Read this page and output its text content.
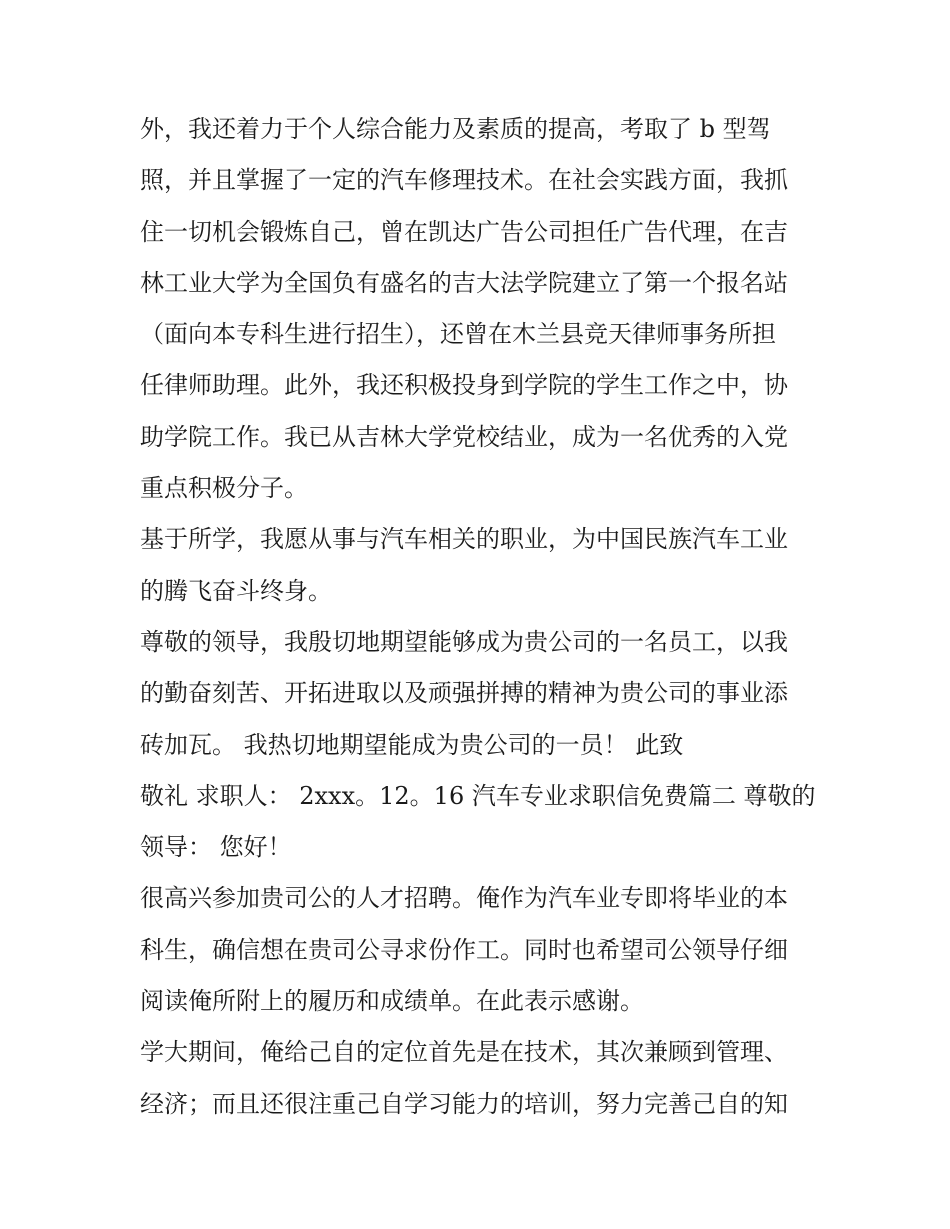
外，我还着力于个人综合能力及素质的提高，考取了 b 型驾
照，并且掌握了一定的汽车修理技术。在社会实践方面，我抓
住一切机会锻炼自己，曾在凯达广告公司担任广告代理，在吉
林工业大学为全国负有盛名的吉大法学院建立了第一个报名站
（面向本专科生进行招生），还曾在木兰县竞天律师事务所担
任律师助理。此外，我还积极投身到学院的学生工作之中，协
助学院工作。我已从吉林大学党校结业，成为一名优秀的入党
重点积极分子。
基于所学，我愿从事与汽车相关的职业，为中国民族汽车工业
的腾飞奋斗终身。
尊敬的领导，我殷切地期望能够成为贵公司的一名员工，以我
的勤奋刻苦、开拓进取以及顽强拼搏的精神为贵公司的事业添
砖加瓦。 我热切地期望能成为贵公司的一员！ 此致
敬礼 求职人： 2xxx。12。16 汽车专业求职信免费篇二 尊敬的
领导： 您好！
很高兴参加贵司公的人才招聘。俺作为汽车业专即将毕业的本
科生，确信想在贵司公寻求份作工。同时也希望司公领导仔细
阅读俺所附上的履历和成绩单。在此表示感谢。
学大期间，俺给己自的定位首先是在技术，其次兼顾到管理、
经济；而且还很注重己自学习能力的培训，努力完善己自的知
